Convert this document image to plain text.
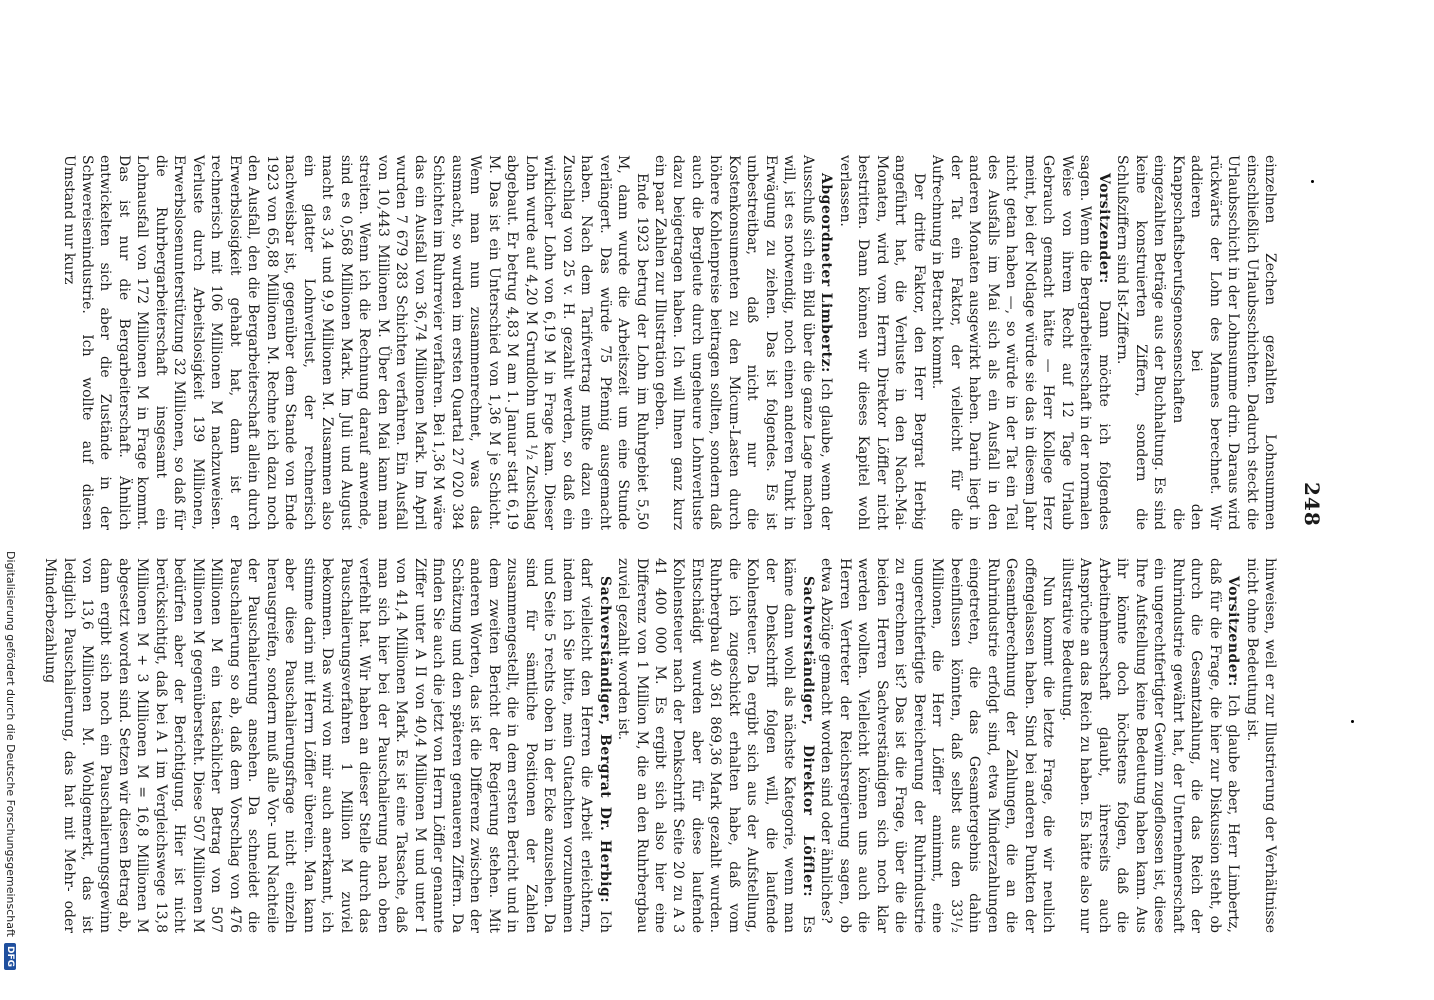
248

einzelnen Zechen gezahlten Lohnsummen einschließlich Urlaubsschichten. Dadurch steckt die Urlaubsschicht in der Lohnsumme drin. Daraus wird rückwärts der Lohn des Mannes berechnet. Wir addieren bei den Knappschaftsberufsgenossenschaften die eingezahlten Beträge aus der Buchhaltung. Es sind keine konstruierten Ziffern, sondern die Schlußziffern sind Ist-Ziffern.

Vorsitzender: Dann möchte ich folgendes sagen. Wenn die Bergarbeiterschaft in der normalen Weise von ihrem Recht auf 12 Tage Urlaub Gebrauch gemacht hätte — Herr Kollege Herz meint, bei der Notlage würde sie das in diesem Jahr nicht getan haben —, so würde in der Tat ein Teil des Ausfalls im Mai sich als ein Ausfall in den anderen Monaten ausgewirkt haben. Darin liegt in der Tat ein Faktor, der vielleicht für die Aufrechnung in Betracht kommt.

Der dritte Faktor, den Herr Bergrat Herbig angeführt hat, die Verluste in den Nach-Mai-Monaten, wird vom Herrn Direktor Löffler nicht bestritten. Dann können wir dieses Kapitel wohl verlassen.

Abgeordneter Limbertz: Ich glaube, wenn der Ausschuß sich ein Bild über die ganze Lage machen will, ist es notwendig, noch einen anderen Punkt in Erwägung zu ziehen. Das ist folgendes. Es ist unbestreitbar, daß nicht nur die Kostenkonsumenten zu den Micum-Lasten durch höhere Kohlenpreise beitragen sollten, sondern daß auch die Bergleute durch ungeheure Lohnverluste dazu beigetragen haben. Ich will Ihnen ganz kurz ein paar Zahlen zur Illustration geben.

Ende 1923 betrug der Lohn im Ruhrgebiet 5,50 M, dann wurde die Arbeitszeit um eine Stunde verlängert. Das würde 75 Pfennig ausgemacht haben. Nach dem Tarifvertrag mußte dazu ein Zuschlag von 25 v. H. gezahlt werden, so daß ein wirklicher Lohn von 6,19 M in Frage kam. Dieser Lohn wurde auf 4,20 M Grundlohn und ¹/₂ Zuschlag abgebaut. Er betrug 4,83 M am 1. Januar statt 6,19 M. Das ist ein Unterschied von 1,36 M je Schicht. Wenn man nun zusammenrechnet, was das ausmacht, so wurden im ersten Quartal 27 020 384 Schichten im Ruhrrevier verfahren. Bei 1,36 M wäre das ein Ausfall von 36,74 Millionen Mark. Im April wurden 7 679 283 Schichten verfahren. Ein Ausfall von 10,443 Millionen M. Über den Mai kann man streiten. Wenn ich die Rechnung darauf anwende, sind es 0,568 Millionen Mark. Im Juli und August macht es 3,4 und 9,9 Millionen M. Zusammen also ein glatter Lohnverlust, der rechnerisch nachweisbar ist, gegenüber dem Stande von Ende 1923 von 65,88 Millionen M. Rechne ich dazu noch den Ausfall, den die Bergarbeiterschaft allein durch Erwerbslosigkeit gehabt hat, dann ist er rechnerisch mit 106 Millionen M nachzuweisen. Verluste durch Arbeitslosigkeit 139 Millionen, Erwerbslosenunterstützung 32 Millionen, so daß für die Ruhrbergarbeiterschaft insgesamt ein Lohnausfall von 172 Millionen M in Frage kommt. Das ist nur die Bergarbeiterschaft. Ähnlich entwickelten sich aber die Zustände in der Schwereisenindustrie. Ich wollte auf diesen Umstand nur kurz

hinweisen, weil er zur Illustrierung der Verhältnisse nicht ohne Bedeutung ist.

Vorsitzender: Ich glaube aber, Herr Limbertz, daß für die Frage, die hier zur Diskussion steht, ob durch die Gesamtzahlung, die das Reich der Ruhrindustrie gewährt hat, der Unternehmerschaft ein ungerechtfertigter Gewinn zugeflossen ist, diese Ihre Aufstellung keine Bedeutung haben kann. Aus ihr könnte doch höchstens folgen, daß die Arbeitnehmerschaft glaubt, ihrerseits auch Ansprüche an das Reich zu haben. Es hätte also nur illustrative Bedeutung.

Nun kommt die letzte Frage, die wir neulich offengelassen haben. Sind bei anderen Punkten der Gesamtberechnung der Zahlungen, die an die Ruhrindustrie erfolgt sind, etwa Minderzahlungen eingetreten, die das Gesamtergebnis dahin beeinflussen könnten, daß selbst aus den 33¹/₂ Millionen, die Herr Löffler annimmt, eine ungerechtfertigte Bereicherung der Ruhrindustrie zu errechnen ist? Das ist die Frage, über die die beiden Herren Sachverständigen sich noch klar werden wollten. Vielleicht können uns auch die Herren Vertreter der Reichsregierung sagen, ob etwa Abzüge gemacht worden sind oder ähnliches?

Sachverständiger, Direktor Löffler: Es käme dann wohl als nächste Kategorie, wenn man der Denkschrift folgen will, die laufende Kohlensteuer. Da ergibt sich aus der Aufstellung, die ich zugeschickt erhalten habe, daß vom Ruhrbergbau 40 361 869,36 Mark gezahlt wurden. Entschädigt wurden aber für diese laufende Kohlensteuer nach der Denkschrift Seite 20 zu A 3 41 400 000 M. Es ergibt sich also hier eine Differenz von 1 Million M, die an den Ruhrbergbau zuviel gezahlt worden ist.

Sachverständiger, Bergrat Dr. Herbig: Ich darf vielleicht den Herren die Arbeit erleichtern, indem ich Sie bitte, mein Gutachten vorzunehmen und Seite 5 rechts oben in der Ecke anzusehen. Da sind für sämtliche Positionen der Zahlen zusammengestellt, die in dem ersten Bericht und in dem zweiten Bericht der Regierung stehen. Mit anderen Worten, das ist die Differenz zwischen der Schätzung und den späteren genaueren Ziffern. Da finden Sie auch die jetzt von Herrn Löffler genannte Ziffer unter A II von 40,4 Millionen M und unter I von 41,4 Millionen Mark. Es ist eine Tatsache, daß man sich hier bei der Pauschalierung nach oben verfehlt hat. Wir haben an dieser Stelle durch das Pauschalierungsverfahren 1 Million M zuviel bekommen. Das wird von mir auch anerkannt, ich stimme darin mit Herrn Löffler überein. Man kann aber diese Pauschalierungsfrage nicht einzeln herausgreifen, sondern muß alle Vor- und Nachteile der Pauschalierung ansehen. Da schneidet die Pauschalierung so ab, daß dem Vorschlag von 476 Millionen M ein tatsächlicher Betrag von 507 Millionen M gegenübersteht. Diese 507 Millionen M bedürfen aber der Berichtigung. Hier ist nicht berücksichtigt, daß bei A 1 im Vergleichswege 13,8 Millionen M + 3 Millionen M = 16,8 Millionen M abgesetzt worden sind. Setzen wir diesen Betrag ab, dann ergibt sich noch ein Pauschalierungsgewinn von 13,6 Millionen M. Wohlgemerkt, das ist lediglich Pauschalierung, das hat mit Mehr- oder Minderbezahlung

Digitalisierung gefördert durch die Deutsche Forschungsgemeinschaft
DFG
